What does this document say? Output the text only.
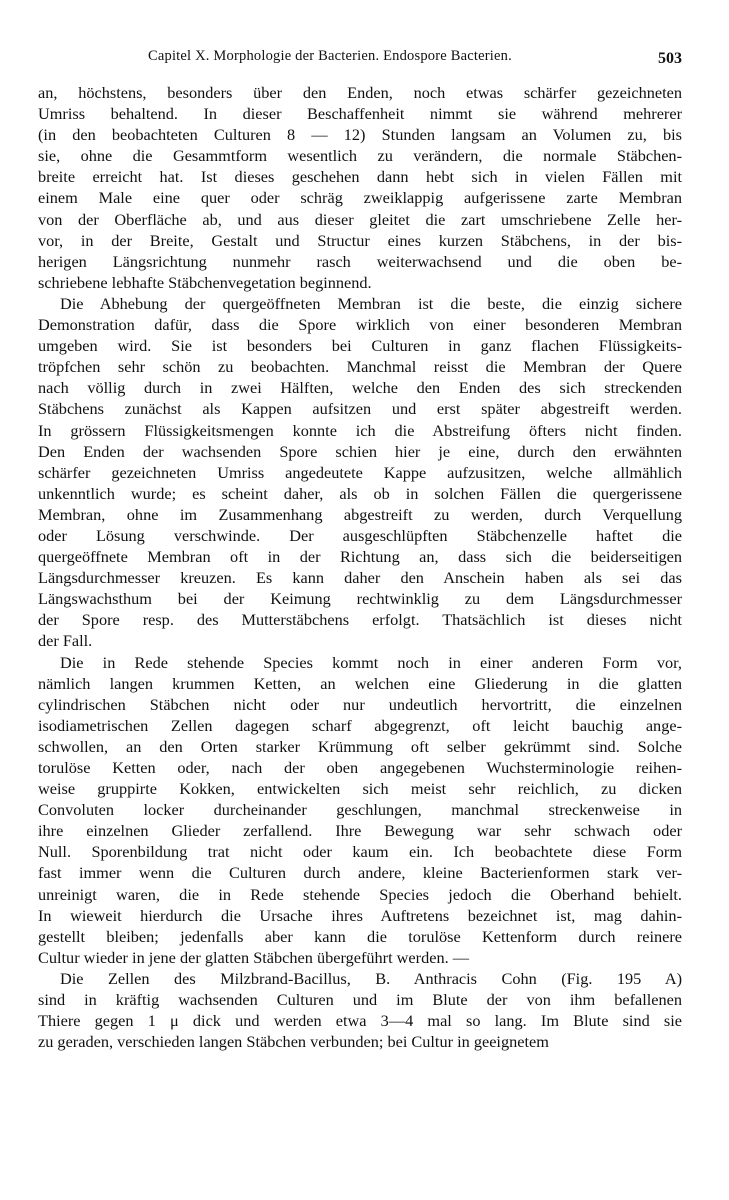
Capitel X. Morphologie der Bacterien. Endospore Bacterien.	503
an, höchstens, besonders über den Enden, noch etwas schärfer gezeichneten
Umriss behaltend. In dieser Beschaffenheit nimmt sie während mehrerer
(in den beobachteten Culturen 8 — 12) Stunden langsam an Volumen zu, bis
sie, ohne die Gesammtform wesentlich zu verändern, die normale Stäbchen-
breite erreicht hat. Ist dieses geschehen dann hebt sich in vielen Fällen mit
einem Male eine quer oder schräg zweiklappig aufgerissene zarte Membran
von der Oberfläche ab, und aus dieser gleitet die zart umschriebene Zelle her-
vor, in der Breite, Gestalt und Structur eines kurzen Stäbchens, in der bis-
herigen Längsrichtung nunmehr rasch weiterwachsend und die oben be-
schriebene lebhafte Stäbchenvegetation beginnend.
Die Abhebung der quergeöffneten Membran ist die beste, die einzig sichere
Demonstration dafür, dass die Spore wirklich von einer besonderen Membran
umgeben wird. Sie ist besonders bei Culturen in ganz flachen Flüssigkeits-
tröpfchen sehr schön zu beobachten. Manchmal reisst die Membran der Quere
nach völlig durch in zwei Hälften, welche den Enden des sich streckenden
Stäbchens zunächst als Kappen aufsitzen und erst später abgestreift werden.
In grössern Flüssigkeitsmengen konnte ich die Abstreifung öfters nicht finden.
Den Enden der wachsenden Spore schien hier je eine, durch den erwähnten
schärfer gezeichneten Umriss angedeutete Kappe aufzusitzen, welche allmählich
unkenntlich wurde; es scheint daher, als ob in solchen Fällen die quergerissene
Membran, ohne im Zusammenhang abgestreift zu werden, durch Verquellung
oder Lösung verschwinde. Der ausgeschlüpften Stäbchenzelle haftet die
quergeöffnete Membran oft in der Richtung an, dass sich die beiderseitigen
Längsdurchmesser kreuzen. Es kann daher den Anschein haben als sei das
Längswachsthum bei der Keimung rechtwinklig zu dem Längsdurchmesser
der Spore resp. des Mutterstäbchens erfolgt. Thatsächlich ist dieses nicht
der Fall.
Die in Rede stehende Species kommt noch in einer anderen Form vor,
nämlich langen krummen Ketten, an welchen eine Gliederung in die glatten
cylindrischen Stäbchen nicht oder nur undeutlich hervortritt, die einzelnen
isodiametrischen Zellen dagegen scharf abgegrenzt, oft leicht bauchig ange-
schwollen, an den Orten starker Krümmung oft selber gekrümmt sind. Solche
torulöse Ketten oder, nach der oben angegebenen Wuchsterminologie reihen-
weise gruppirte Kokken, entwickelten sich meist sehr reichlich, zu dicken
Convoluten locker durcheinander geschlungen, manchmal streckenweise in
ihre einzelnen Glieder zerfallend. Ihre Bewegung war sehr schwach oder
Null. Sporenbildung trat nicht oder kaum ein. Ich beobachtete diese Form
fast immer wenn die Culturen durch andere, kleine Bacterienformen stark ver-
unreinigt waren, die in Rede stehende Species jedoch die Oberhand behielt.
In wieweit hierdurch die Ursache ihres Auftretens bezeichnet ist, mag dahin-
gestellt bleiben; jedenfalls aber kann die torulöse Kettenform durch reinere
Cultur wieder in jene der glatten Stäbchen übergeführt werden. —
Die Zellen des Milzbrand-Bacillus, B. Anthracis Cohn (Fig. 195 A)
sind in kräftig wachsenden Culturen und im Blute der von ihm befallenen
Thiere gegen 1 μ dick und werden etwa 3—4 mal so lang. Im Blute sind sie
zu geraden, verschieden langen Stäbchen verbunden; bei Cultur in geeignetem
